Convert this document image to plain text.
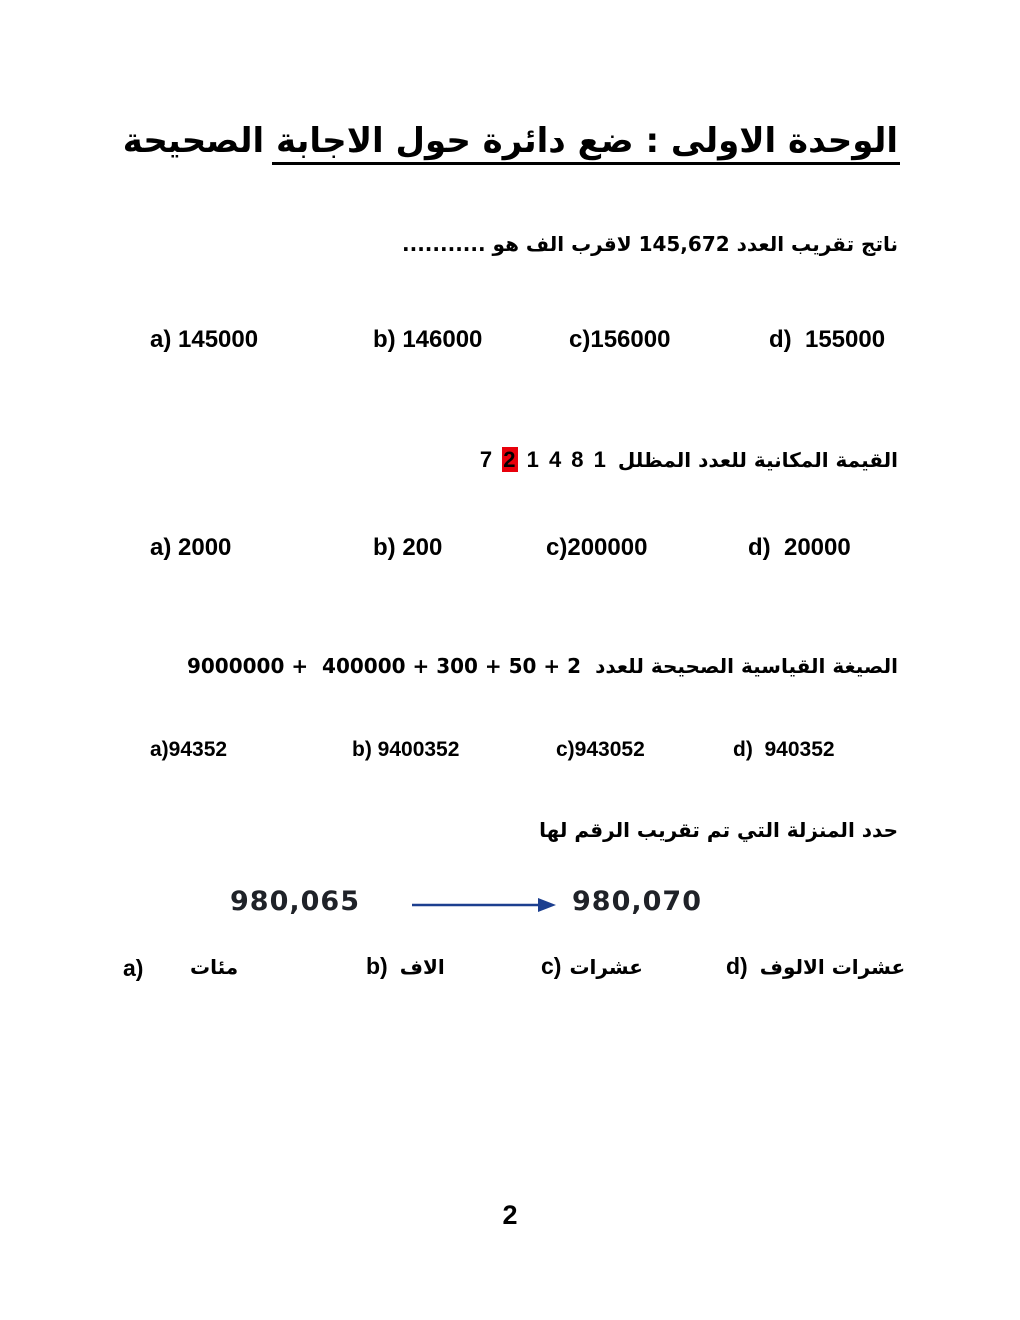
الوحدة الاولى : ضع دائرة حول الاجابة الصحيحة
ناتج تقريب العدد 145,672 لاقرب الف هو ...........
a) 145000	b) 146000	c)156000	d)  155000
القيمة المكانية للعدد المظلل
7 2 1 4 8 1
a) 2000	b) 200	c)200000	d)  20000
الصيغة القياسية الصحيحة للعدد
9000000 +  400000 + 300 + 50 + 2
a)94352	b) 9400352	c)943052	d)  940352
حدد المنزلة التي تم تقريب الرقم لها
980,065	980,070
a) مئات	b) الاف	c) عشرات	d) عشرات الالوف
2
